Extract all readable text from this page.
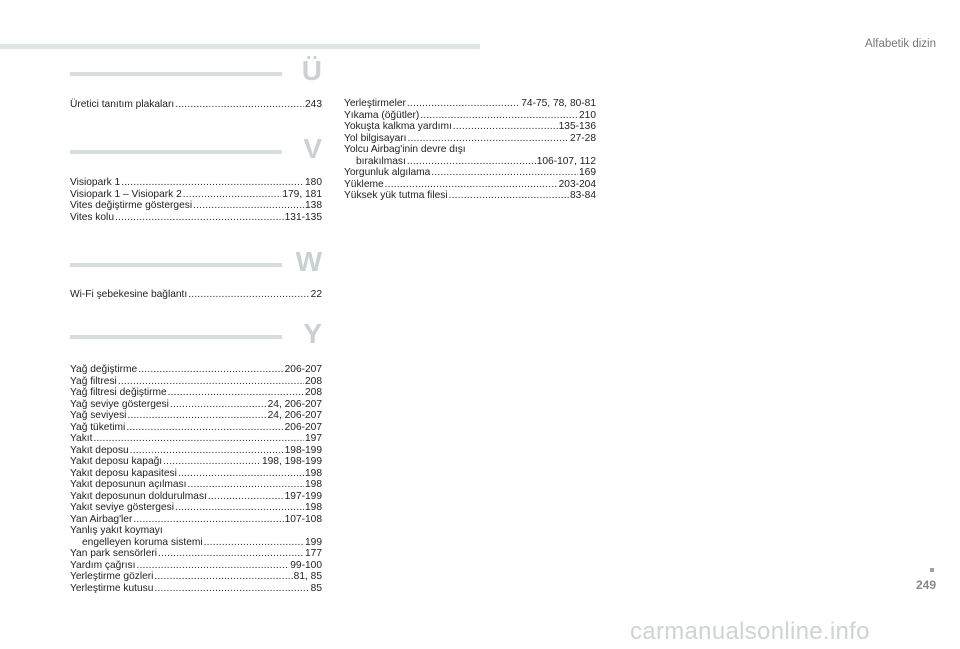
Alfabetik dizin
Ü
Üretici tanıtım plakaları .....	243
V
Visiopark 1 .....	180
Visiopark 1 – Visiopark 2 .....	179, 181
Vites değiştirme göstergesi .....	138
Vites kolu .....	131-135
W
Wi-Fi şebekesine bağlantı .....	22
Y
Yağ değiştirme .....	206-207
Yağ filtresi .....	208
Yağ filtresi değiştirme .....	208
Yağ seviye göstergesi .....	24, 206-207
Yağ seviyesi .....	24, 206-207
Yağ tüketimi .....	206-207
Yakıt .....	197
Yakıt deposu .....	198-199
Yakıt deposu kapağı .....	198, 198-199
Yakıt deposu kapasitesi .....	198
Yakıt deposunun açılması .....	198
Yakıt deposunun doldurulması .....	197-199
Yakıt seviye göstergesi .....	198
Yan Airbag'ler .....	107-108
Yanlış yakıt koymayı
engelleyen koruma sistemi .....	199
Yan park sensörleri .....	177
Yardım çağrısı .....	99-100
Yerleştirme gözleri .....	81, 85
Yerleştirme kutusu .....	85
Yerleştirmeler .....	74-75, 78, 80-81
Yıkama (öğütler) .....	210
Yokuşta kalkma yardımı .....	135-136
Yol bilgisayarı .....	27-28
Yolcu Airbag'inin devre dışı
bırakılması .....	106-107, 112
Yorgunluk algılama .....	169
Yükleme .....	203-204
Yüksek yük tutma filesi .....	83-84
249
carmanualsonline.info
